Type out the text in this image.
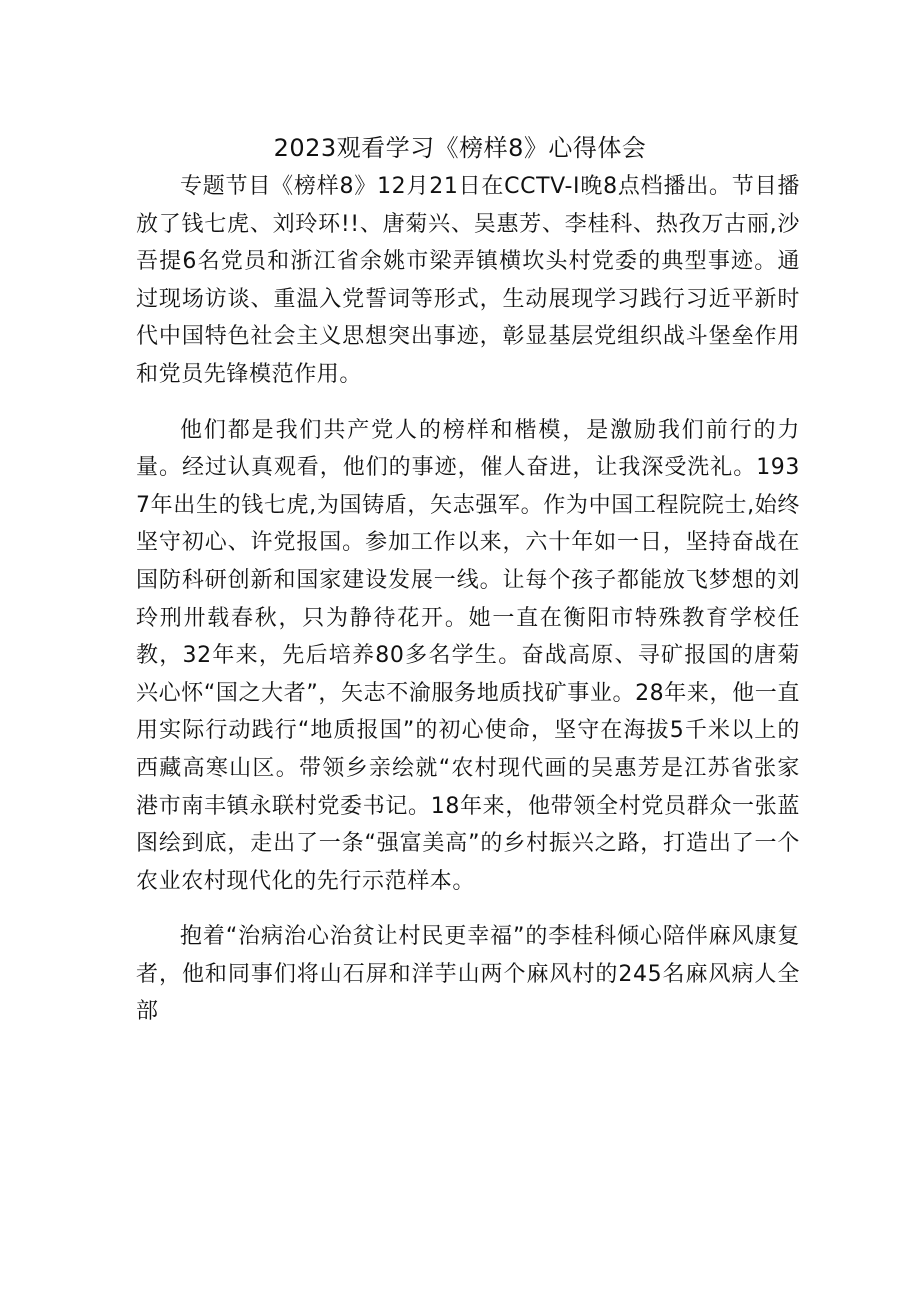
2023观看学习《榜样8》心得体会

专题节目《榜样8》12月21日在CCTV-I晚8点档播出。节目播放了钱七虎、刘玲环!!、唐菊兴、吴惠芳、李桂科、热孜万古丽,沙吾提6名党员和浙江省余姚市梁弄镇横坎头村党委的典型事迹。通过现场访谈、重温入党誓词等形式，生动展现学习践行习近平新时代中国特色社会主义思想突出事迹，彰显基层党组织战斗堡垒作用和党员先锋模范作用。

他们都是我们共产党人的榜样和楷模，是激励我们前行的力量。经过认真观看，他们的事迹，催人奋进，让我深受洗礼。1937年出生的钱七虎,为国铸盾，矢志强军。作为中国工程院院士,始终坚守初心、许党报国。参加工作以来，六十年如一日，坚持奋战在国防科研创新和国家建设发展一线。让每个孩子都能放飞梦想的刘玲刑卅载春秋，只为静待花开。她一直在衡阳市特殊教育学校任教，32年来，先后培养80多名学生。奋战高原、寻矿报国的唐菊兴心怀“国之大者”，矢志不渝服务地质找矿事业。28年来，他一直用实际行动践行“地质报国”的初心使命，坚守在海拔5千米以上的西藏高寒山区。带领乡亲绘就“农村现代画的吴惠芳是江苏省张家港市南丰镇永联村党委书记。18年来，他带领全村党员群众一张蓝图绘到底，走出了一条“强富美高”的乡村振兴之路，打造出了一个农业农村现代化的先行示范样本。

抱着“治病治心治贫让村民更幸福”的李桂科倾心陪伴麻风康复者，他和同事们将山石屏和洋芋山两个麻风村的245名麻风病人全部
